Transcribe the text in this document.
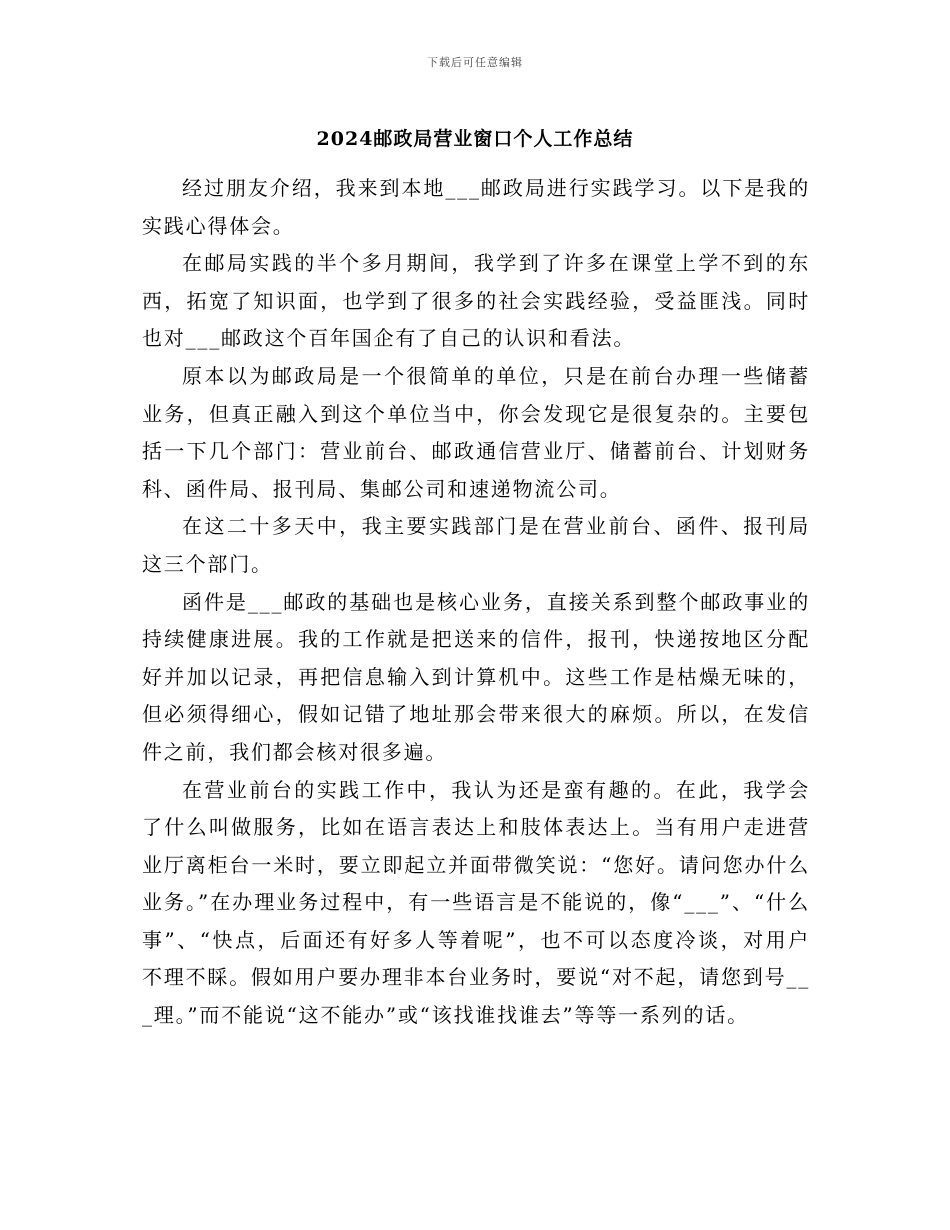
下载后可任意编辑
2024邮政局营业窗口个人工作总结

经过朋友介绍，我来到本地___邮政局进行实践学习。以下是我的实践心得体会。

在邮局实践的半个多月期间，我学到了许多在课堂上学不到的东西，拓宽了知识面，也学到了很多的社会实践经验，受益匪浅。同时也对___邮政这个百年国企有了自己的认识和看法。

原本以为邮政局是一个很简单的单位，只是在前台办理一些储蓄业务，但真正融入到这个单位当中，你会发现它是很复杂的。主要包括一下几个部门：营业前台、邮政通信营业厅、储蓄前台、计划财务科、函件局、报刊局、集邮公司和速递物流公司。

在这二十多天中，我主要实践部门是在营业前台、函件、报刊局这三个部门。

函件是___邮政的基础也是核心业务，直接关系到整个邮政事业的持续健康进展。我的工作就是把送来的信件，报刊，快递按地区分配好并加以记录，再把信息输入到计算机中。这些工作是枯燥无味的，但必须得细心，假如记错了地址那会带来很大的麻烦。所以，在发信件之前，我们都会核对很多遍。

在营业前台的实践工作中，我认为还是蛮有趣的。在此，我学会了什么叫做服务，比如在语言表达上和肢体表达上。当有用户走进营业厅离柜台一米时，要立即起立并面带微笑说：“您好。请问您办什么业务。”在办理业务过程中，有一些语言是不能说的，像“___”、“什么事”、“快点，后面还有好多人等着呢”，也不可以态度冷谈，对用户不理不睬。假如用户要办理非本台业务时，要说“对不起，请您到号___理。”而不能说“这不能办”或“该找谁找谁去”等等一系列的话。
